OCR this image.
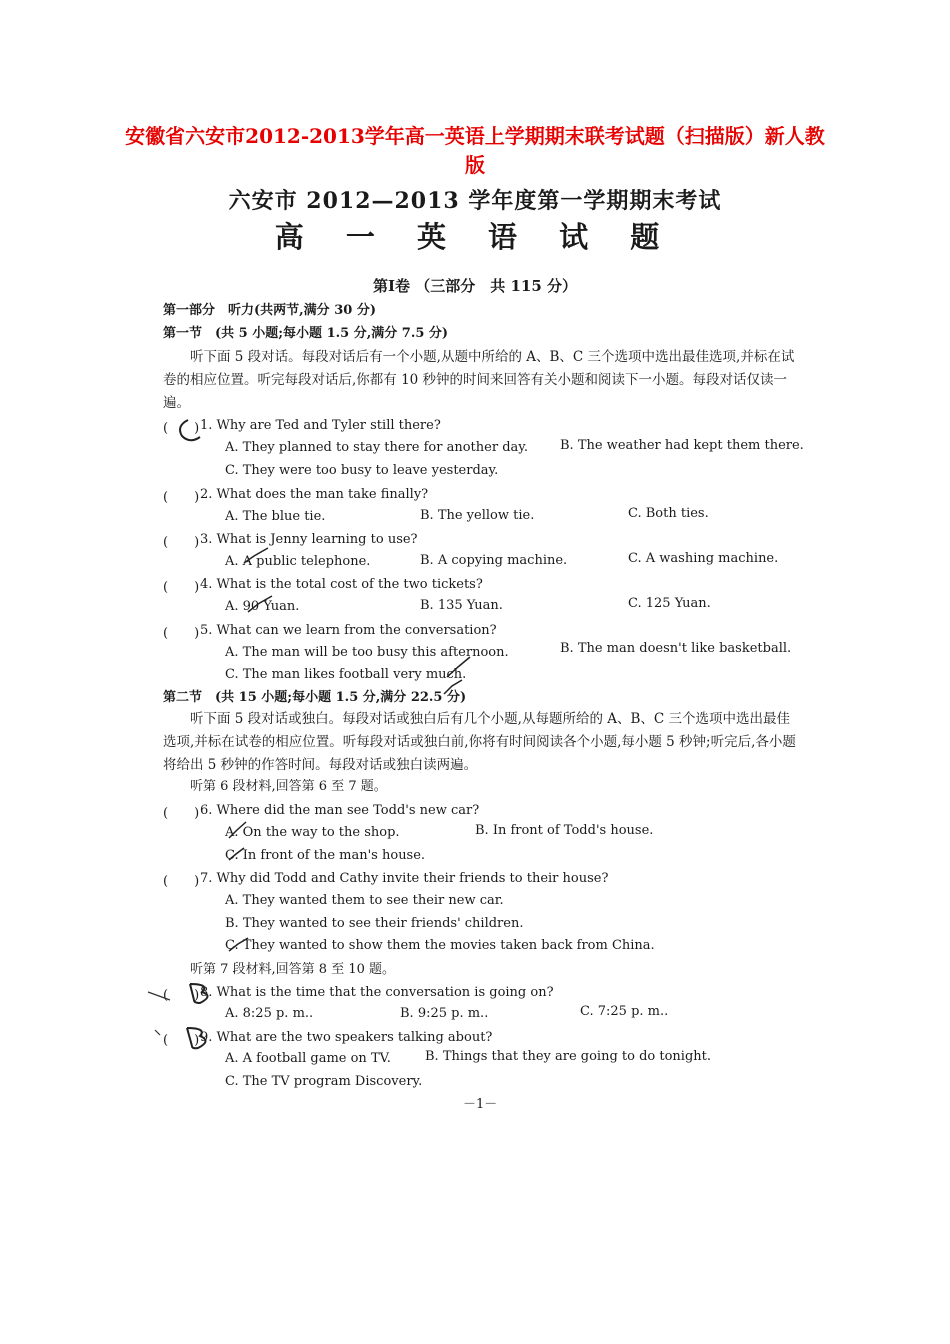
安徽省六安市2012-2013学年高一英语上学期期末联考试题（扫描版）新人教版
六安市 2012—2013 学年度第一学期期末考试
高 一 英 语 试 题
第Ⅰ卷 （三部分　共 115 分）
第一部分　听力(共两节,满分 30 分)
第一节　(共 5 小题;每小题 1.5 分,满分 7.5 分)
听下面 5 段对话。每段对话后有一个小题,从题中所给的 A、B、C 三个选项中选出最佳选项,并标在试卷的相应位置。听完每段对话后,你都有 10 秒钟的时间来回答有关小题和阅读下一小题。每段对话仅读一遍。
(　　) 1. Why are Ted and Tyler still there?
A. They planned to stay there for another day. B. The weather had kept them there.
C. They were too busy to leave yesterday.
(　　) 2. What does the man take finally?
A. The blue tie.	B. The yellow tie.	C. Both ties.
(　　) 3. What is Jenny learning to use?
A. A public telephone.	B. A copying machine.	C. A washing machine.
(　　) 4. What is the total cost of the two tickets?
A. 90 Yuan.	B. 135 Yuan.	C. 125 Yuan.
(　　) 5. What can we learn from the conversation?
A. The man will be too busy this afternoon.	B. The man doesn't like basketball.
C. The man likes football very much.
第二节　(共 15 小题;每小题 1.5 分,满分 22.5 分)
听下面 5 段对话或独白。每段对话或独白后有几个小题,从每题所给的 A、B、C 三个选项中选出最佳选项,并标在试卷的相应位置。听每段对话或独白前,你将有时间阅读各个小题,每小题 5 秒钟;听完后,各小题将给出 5 秒钟的作答时间。每段对话或独白读两遍。
听第 6 段材料,回答第 6 至 7 题。
(　　) 6. Where did the man see Todd's new car?
A. On the way to the shop.	B. In front of Todd's house.
C. In front of the man's house.
(　　) 7. Why did Todd and Cathy invite their friends to their house?
A. They wanted them to see their new car.
B. They wanted to see their friends' children.
C. They wanted to show them the movies taken back from China.
听第 7 段材料,回答第 8 至 10 题。
(　　) 8. What is the time that the conversation is going on?
A. 8:25 p. m..	B. 9:25 p. m..	C. 7:25 p. m..
(　　) 9. What are the two speakers talking about?
A. A football game on TV.	B. Things that they are going to do tonight.
C. The TV program Discovery.
－1－
